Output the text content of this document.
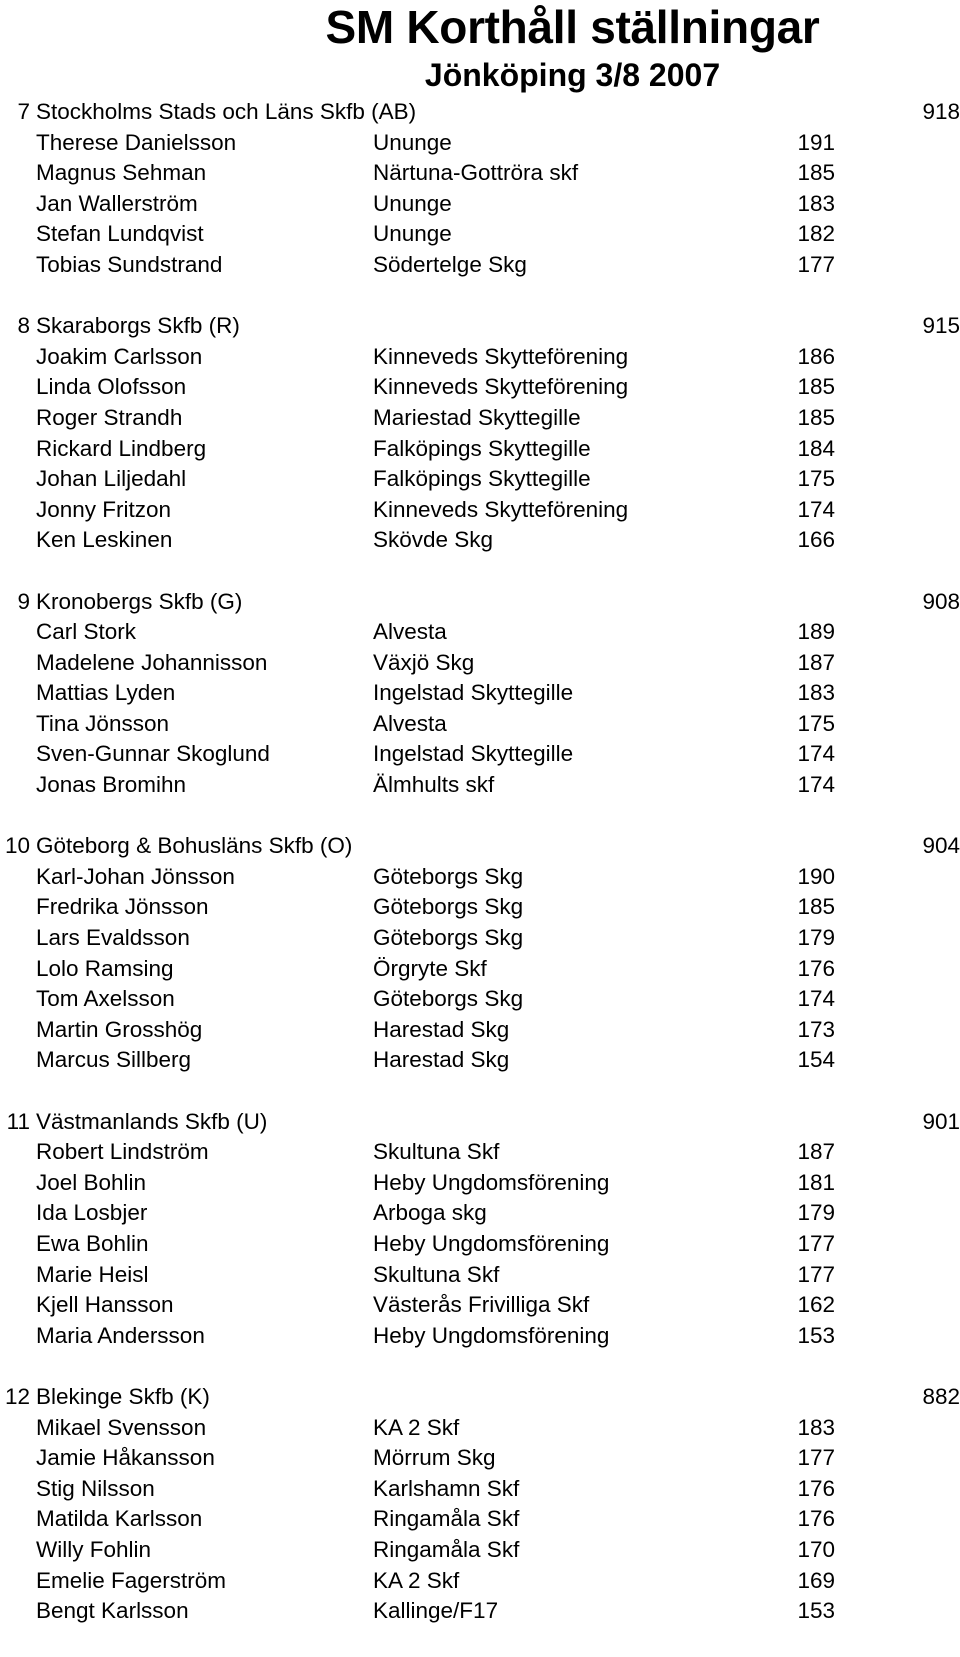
SM Korthåll ställningar
Jönköping 3/8 2007
7 Stockholms Stads och Läns Skfb (AB)	918
Therese Danielsson	Ununge	191
Magnus Sehman	Närtuna-Gottröra skf	185
Jan Wallerström	Ununge	183
Stefan Lundqvist	Ununge	182
Tobias Sundstrand	Södertelge Skg	177
8 Skaraborgs Skfb (R)	915
Joakim Carlsson	Kinneveds Skytteförening	186
Linda Olofsson	Kinneveds Skytteförening	185
Roger Strandh	Mariestad Skyttegille	185
Rickard Lindberg	Falköpings Skyttegille	184
Johan Liljedahl	Falköpings Skyttegille	175
Jonny Fritzon	Kinneveds Skytteförening	174
Ken Leskinen	Skövde Skg	166
9 Kronobergs Skfb (G)	908
Carl Stork	Alvesta	189
Madelene Johannisson	Växjö Skg	187
Mattias Lyden	Ingelstad Skyttegille	183
Tina Jönsson	Alvesta	175
Sven-Gunnar Skoglund	Ingelstad Skyttegille	174
Jonas Bromihn	Älmhults skf	174
10 Göteborg & Bohusläns Skfb (O)	904
Karl-Johan Jönsson	Göteborgs Skg	190
Fredrika Jönsson	Göteborgs Skg	185
Lars Evaldsson	Göteborgs Skg	179
Lolo Ramsing	Örgryte Skf	176
Tom Axelsson	Göteborgs Skg	174
Martin Grosshög	Harestad Skg	173
Marcus Sillberg	Harestad Skg	154
11 Västmanlands Skfb (U)	901
Robert Lindström	Skultuna Skf	187
Joel Bohlin	Heby Ungdomsförening	181
Ida Losbjer	Arboga skg	179
Ewa Bohlin	Heby Ungdomsförening	177
Marie Heisl	Skultuna Skf	177
Kjell Hansson	Västerås Frivilliga Skf	162
Maria Andersson	Heby Ungdomsförening	153
12 Blekinge Skfb (K)	882
Mikael Svensson	KA 2 Skf	183
Jamie Håkansson	Mörrum Skg	177
Stig Nilsson	Karlshamn Skf	176
Matilda Karlsson	Ringamåla Skf	176
Willy Fohlin	Ringamåla Skf	170
Emelie Fagerström	KA 2 Skf	169
Bengt Karlsson	Kallinge/F17	153
